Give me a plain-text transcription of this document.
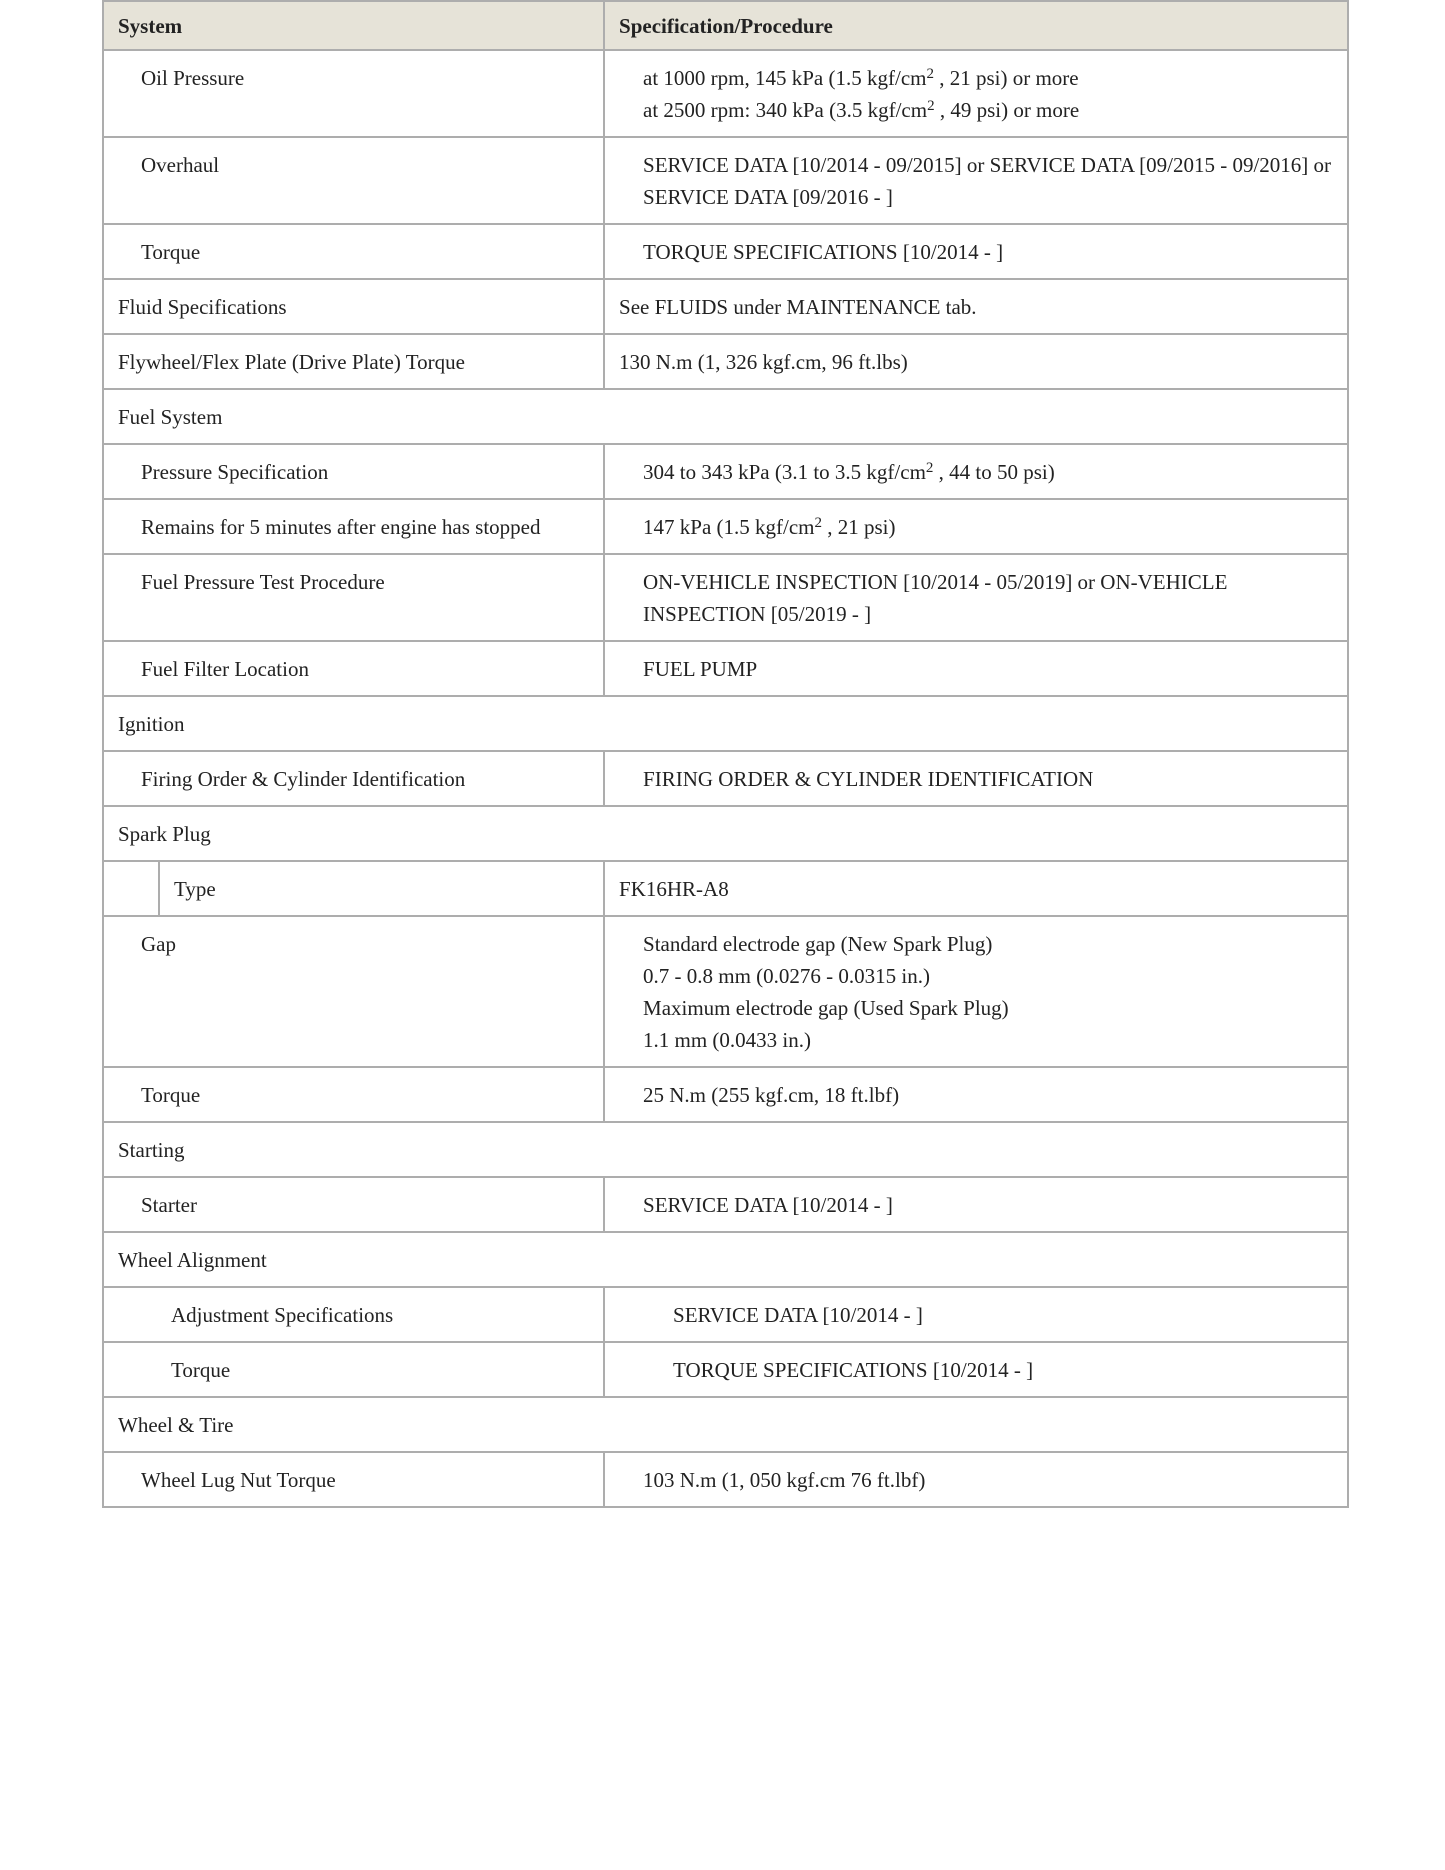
System		Specification/Procedure
Oil Pressure		at 1000 rpm, 145 kPa (1.5 kgf/$cm^2$ , 21 psi) or more
at 2500 rpm: 340 kPa (3.5 kgf/$cm^2$ , 49 psi) or more

Overhaul		SERVICE DATA [10/2014 - 09/2015] or SERVICE DATA [09/2015 - 09/2016] or SERVICE DATA [09/2016 - ]
Torque		TORQUE SPECIFICATIONS [10/2014 - ]
Fluid Specifications		See FLUIDS under MAINTENANCE tab.
Flywheel/Flex Plate (Drive Plate) Torque		130 N.m (1, 326 kgf.cm, 96 ft.lbs)
Fuel System		
Pressure Specification		304 to 343 kPa (3.1 to 3.5 kgf/$cm^2$ , 44 to 50 psi)
Remains for 5 minutes after engine has stopped		147 kPa (1.5 kgf/$cm^2$ , 21 psi)
Fuel Pressure Test Procedure		ON-VEHICLE INSPECTION [10/2014 - 05/2019] or ON-VEHICLE INSPECTION [05/2019 - ]
Fuel Filter Location		FUEL PUMP
Ignition		
Firing Order & Cylinder Identification		FIRING ORDER & CYLINDER IDENTIFICATION
Spark Plug		
	Type	FK16HR-A8
Gap		Standard electrode gap (New Spark Plug)
0.7 - 0.8 mm (0.0276 - 0.0315 in.)
Maximum electrode gap (Used Spark Plug)
1.1 mm (0.0433 in.)

Torque		25 N.m (255 kgf.cm, 18 ft.lbf)
Starting		
Starter		SERVICE DATA [10/2014 - ]
Wheel Alignment		
Adjustment Specifications		SERVICE DATA [10/2014 - ]
Torque		TORQUE SPECIFICATIONS [10/2014 - ]
Wheel & Tire		
Wheel Lug Nut Torque		103 N.m (1, 050 kgf.cm 76 ft.lbf)
